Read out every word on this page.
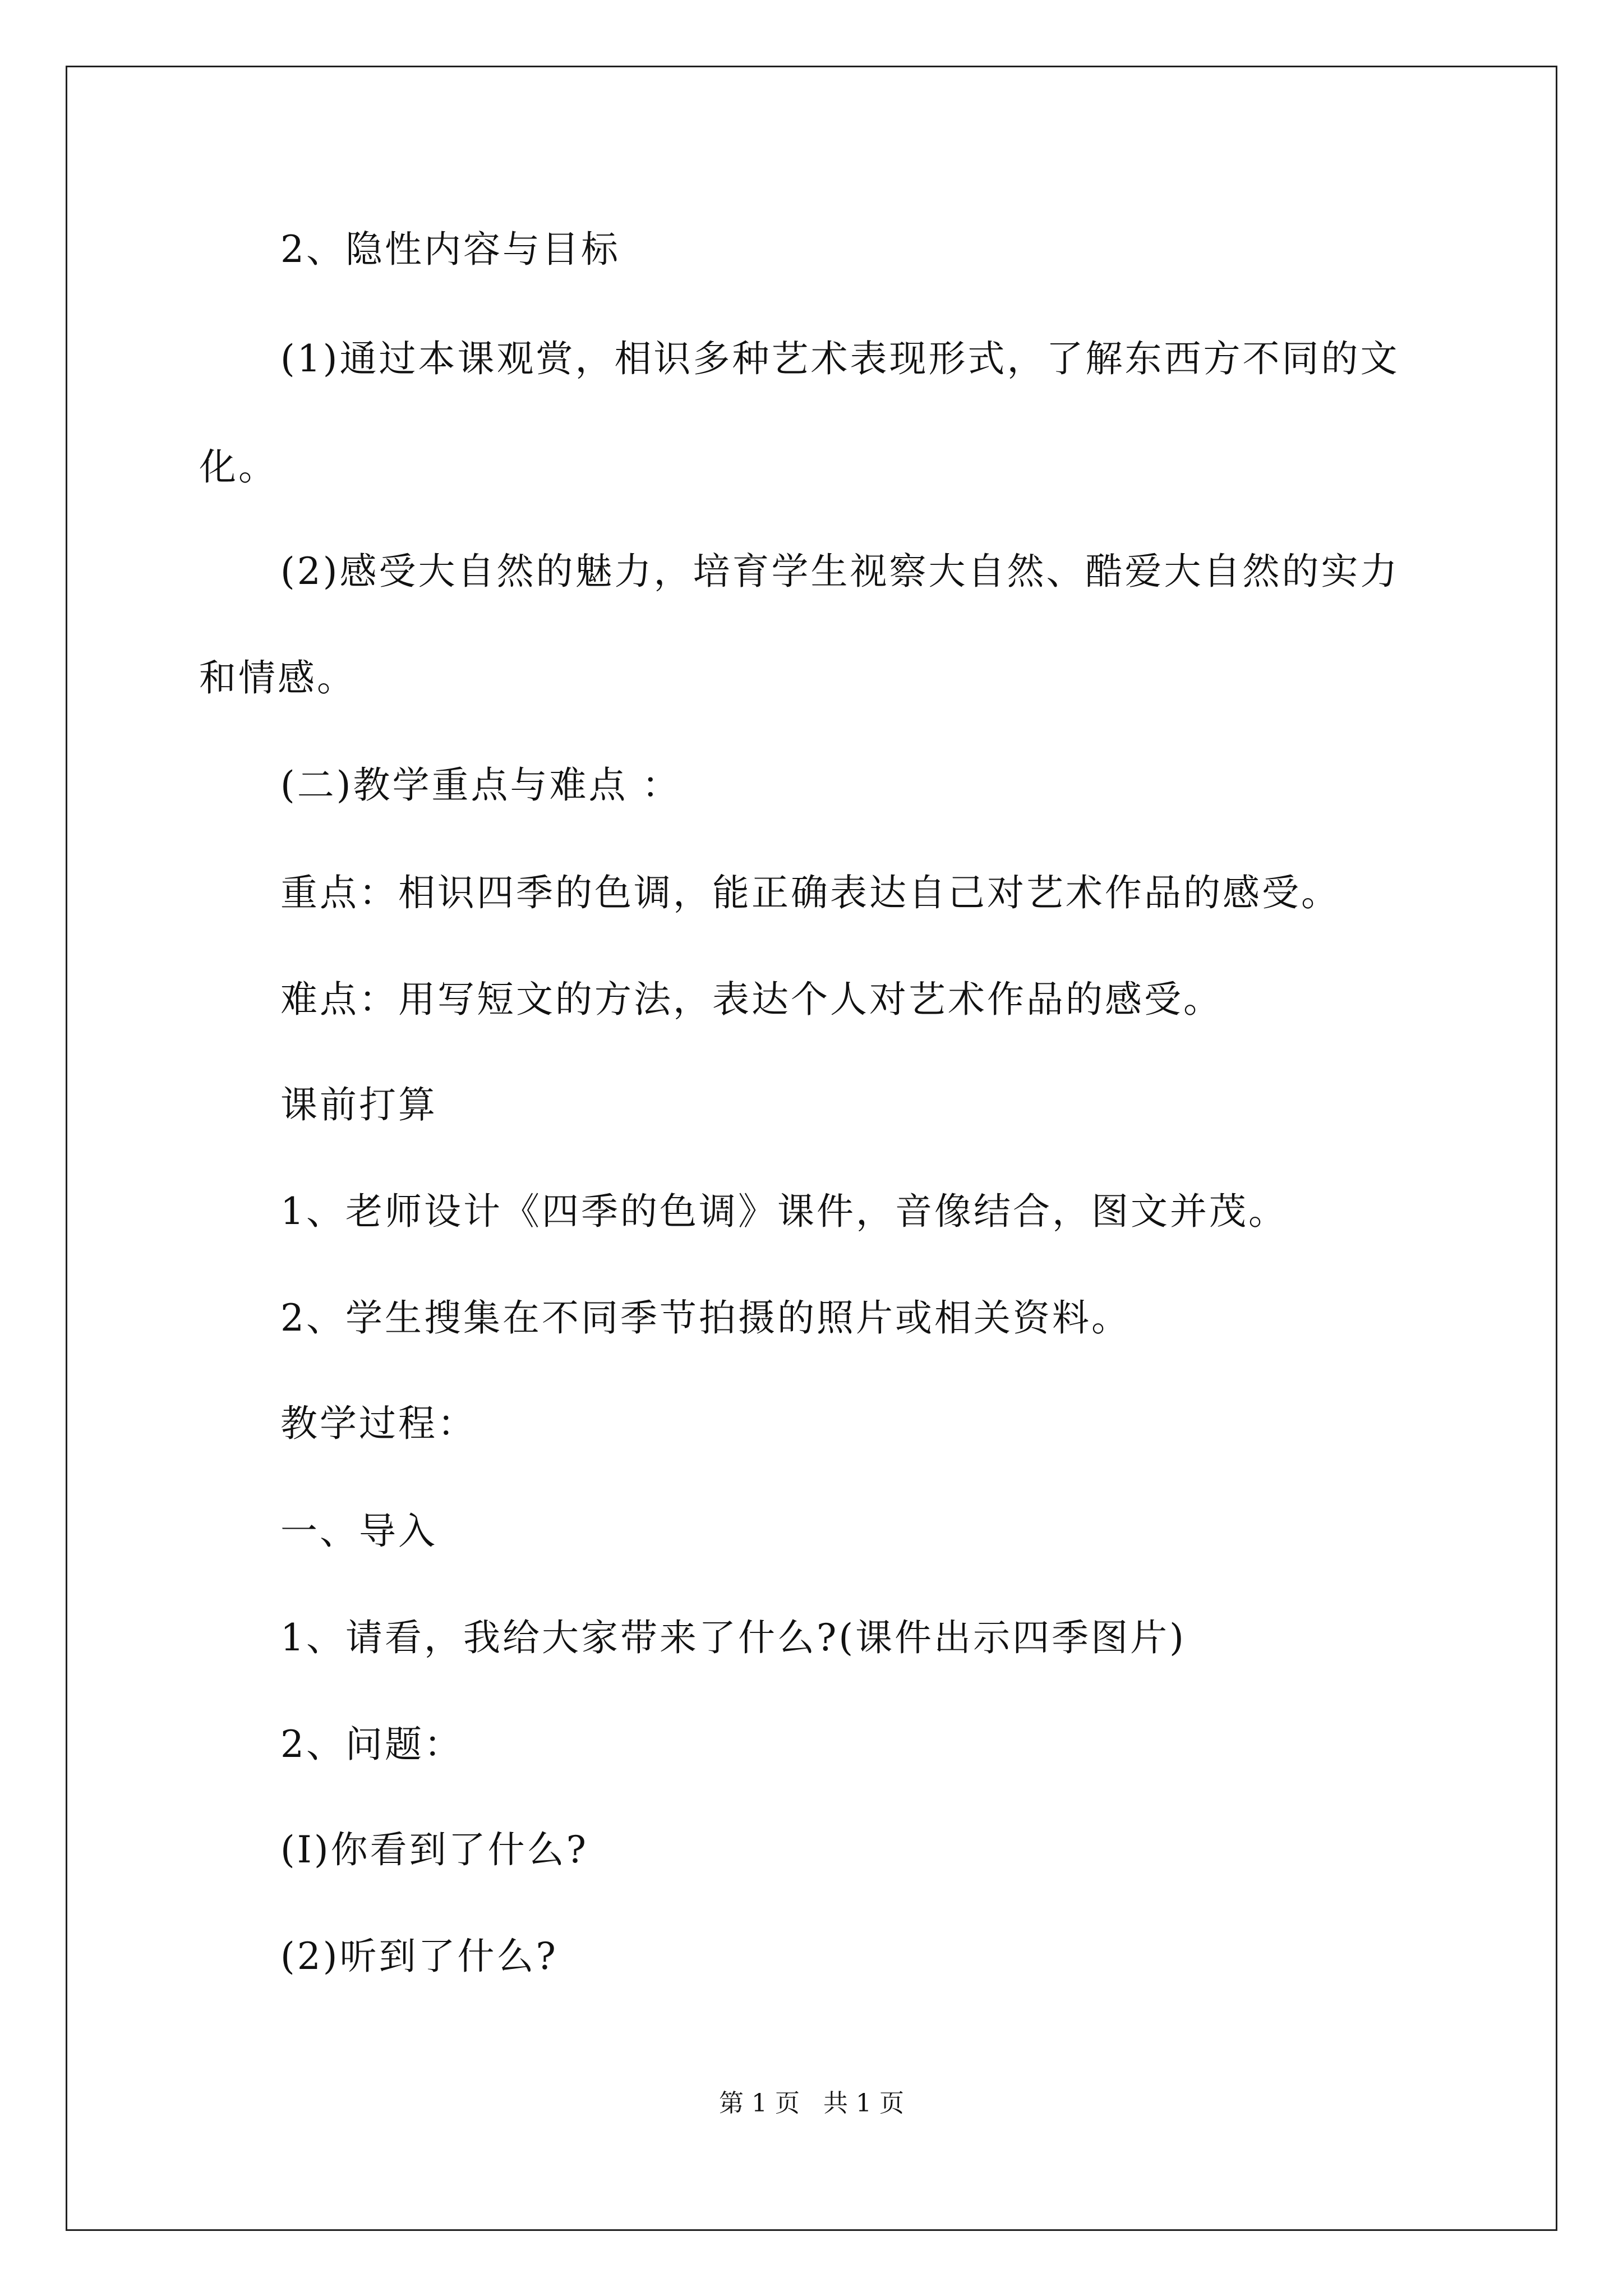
2、隐性内容与目标
(1)通过本课观赏，相识多种艺术表现形式，了解东西方不同的文
化。
(2)感受大自然的魅力，培育学生视察大自然、酷爱大自然的实力
和情感。
(二)教学重点与难点 ：
重点：相识四季的色调，能正确表达自己对艺术作品的感受。
难点：用写短文的方法，表达个人对艺术作品的感受。
课前打算
1、老师设计《四季的色调》课件，音像结合，图文并茂。
2、学生搜集在不同季节拍摄的照片或相关资料。
教学过程：
一、导入
1、请看，我给大家带来了什么?(课件出示四季图片)
2、问题：
(I)你看到了什么?
(2)听到了什么?
第 1 页   共 1 页
